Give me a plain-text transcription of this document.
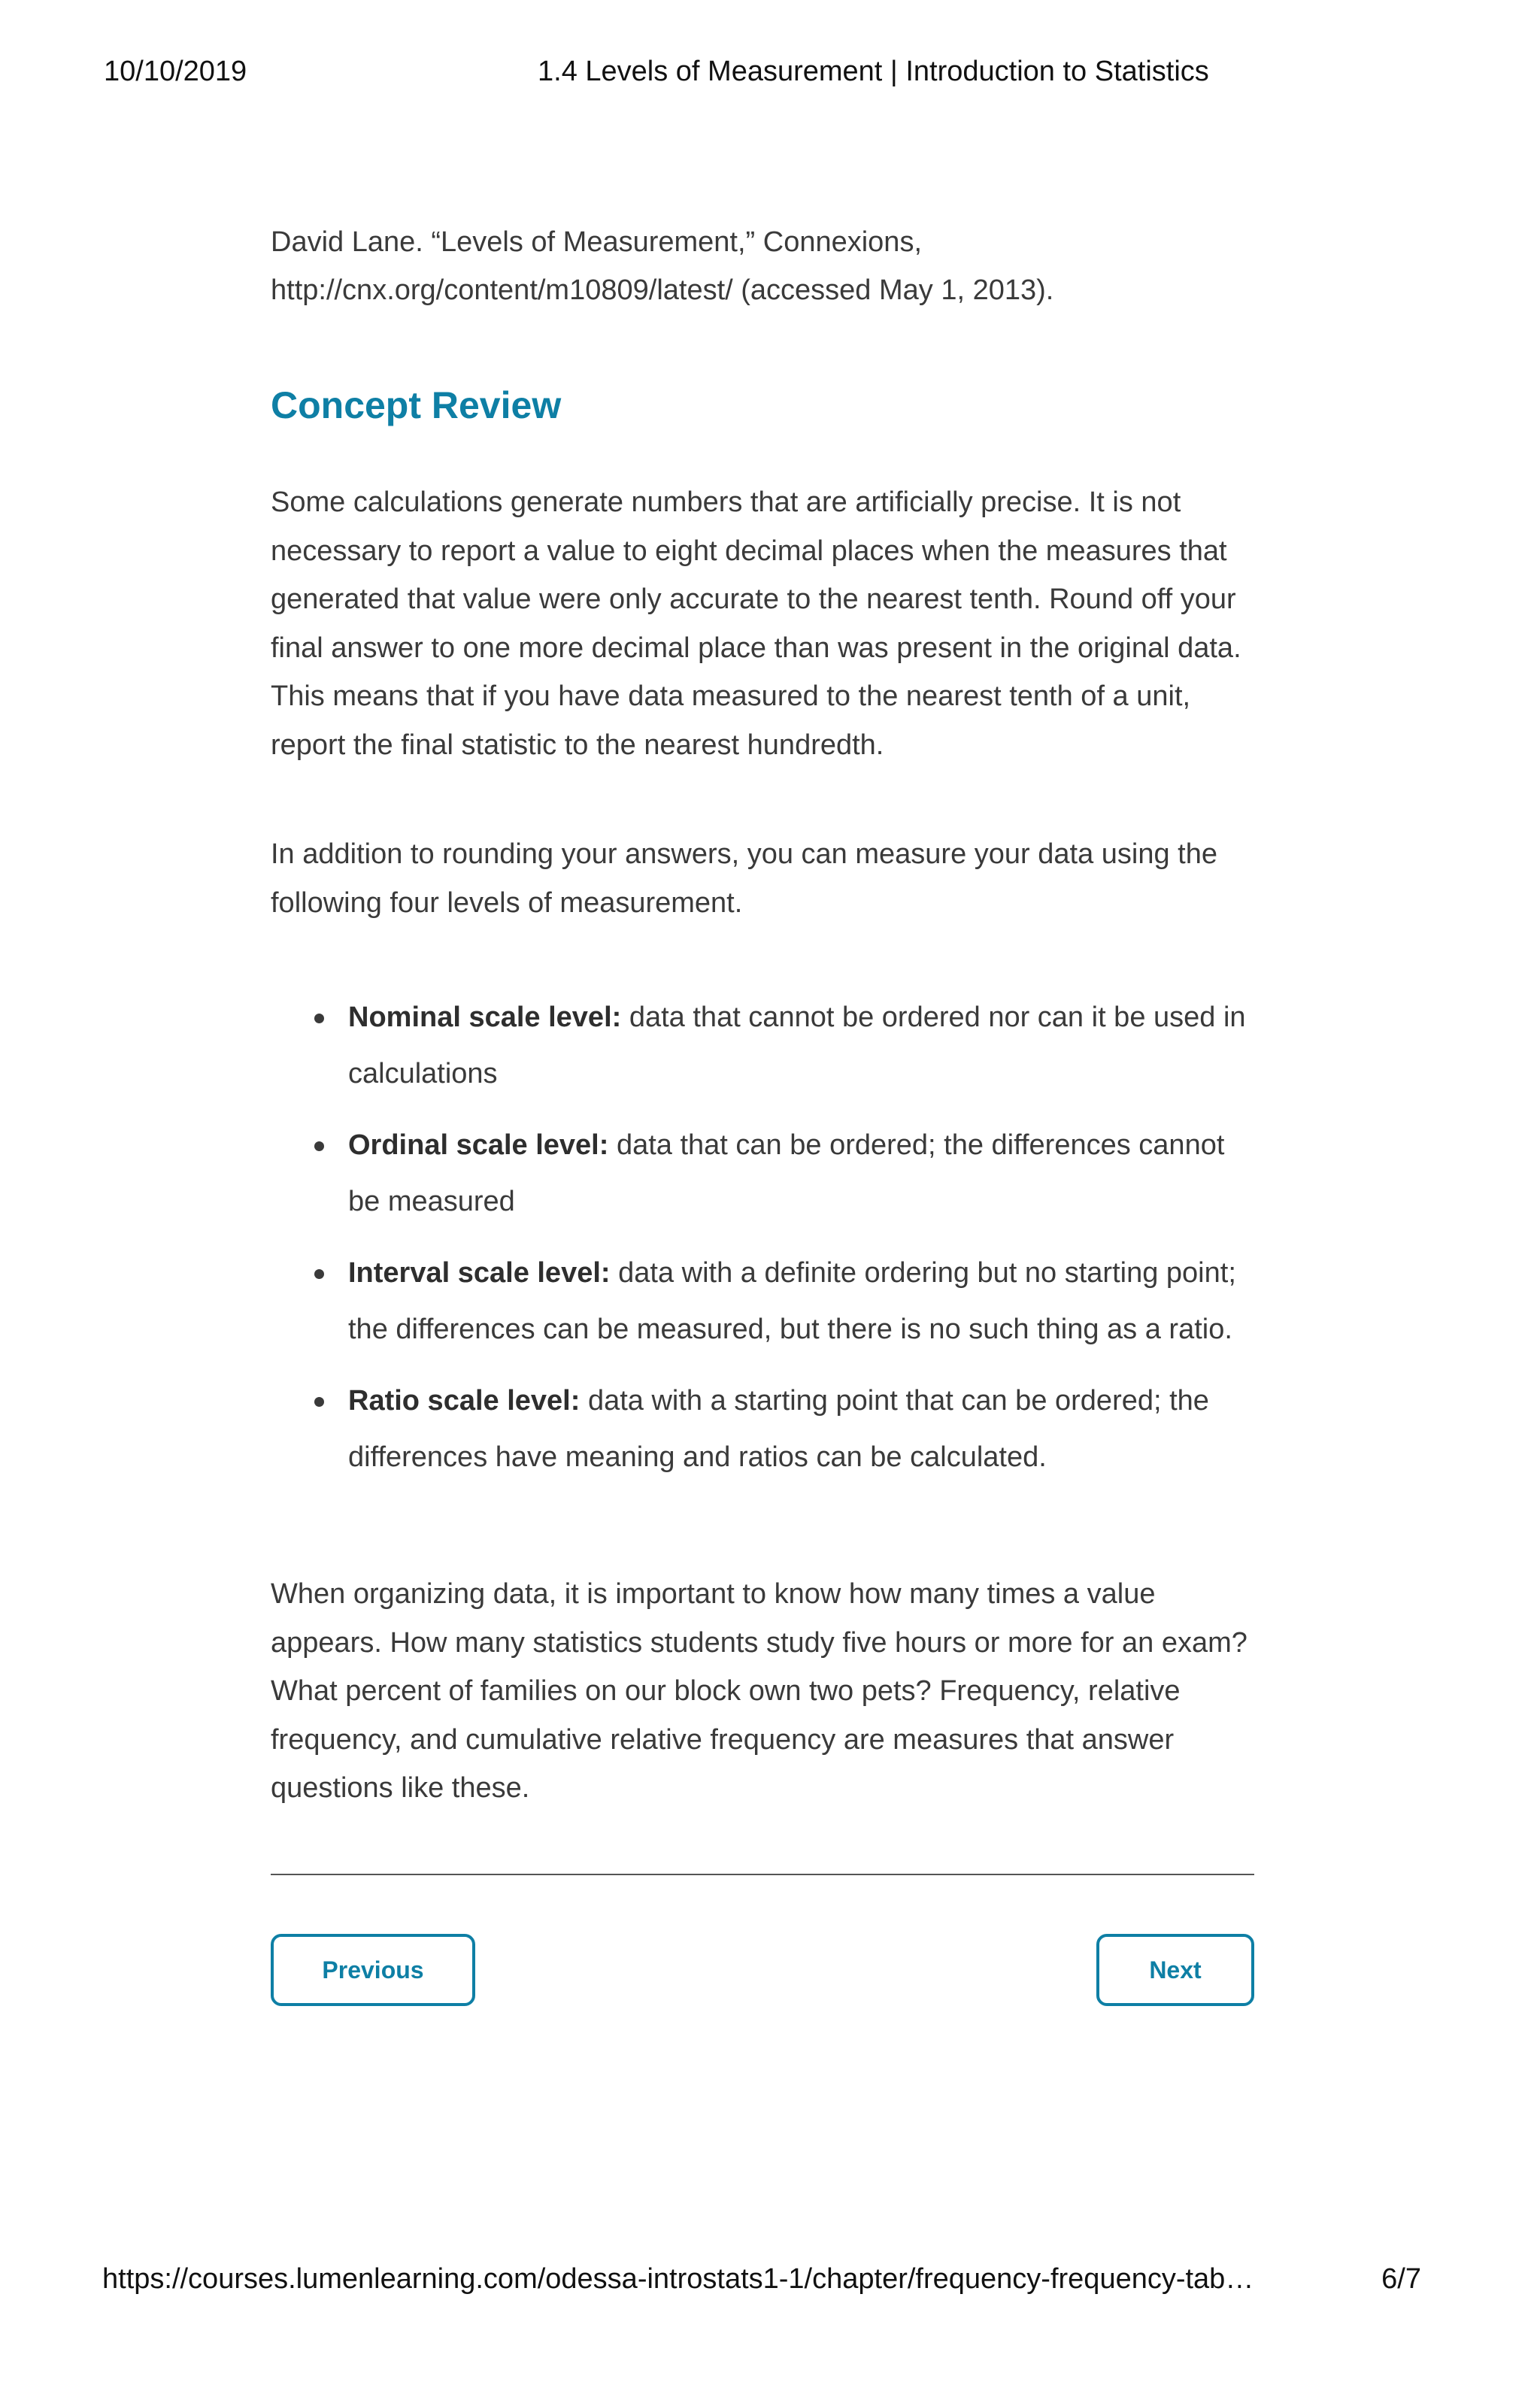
10/10/2019	1.4 Levels of Measurement | Introduction to Statistics
David Lane. “Levels of Measurement,” Connexions,
http://cnx.org/content/m10809/latest/ (accessed May 1, 2013).
Concept Review

Some calculations generate numbers that are artificially precise. It is not necessary to report a value to eight decimal places when the measures that generated that value were only accurate to the nearest tenth. Round off your final answer to one more decimal place than was present in the original data. This means that if you have data measured to the nearest tenth of a unit, report the final statistic to the nearest hundredth.

In addition to rounding your answers, you can measure your data using the following four levels of measurement.

Nominal scale level: data that cannot be ordered nor can it be used in calculations
Ordinal scale level: data that can be ordered; the differences cannot be measured
Interval scale level: data with a definite ordering but no starting point; the differences can be measured, but there is no such thing as a ratio.
Ratio scale level: data with a starting point that can be ordered; the differences have meaning and ratios can be calculated.

When organizing data, it is important to know how many times a value appears. How many statistics students study five hours or more for an exam? What percent of families on our block own two pets? Frequency, relative frequency, and cumulative relative frequency are measures that answer questions like these.

Previous	Next
https://courses.lumenlearning.com/odessa-introstats1-1/chapter/frequency-frequency-tab…	6/7
